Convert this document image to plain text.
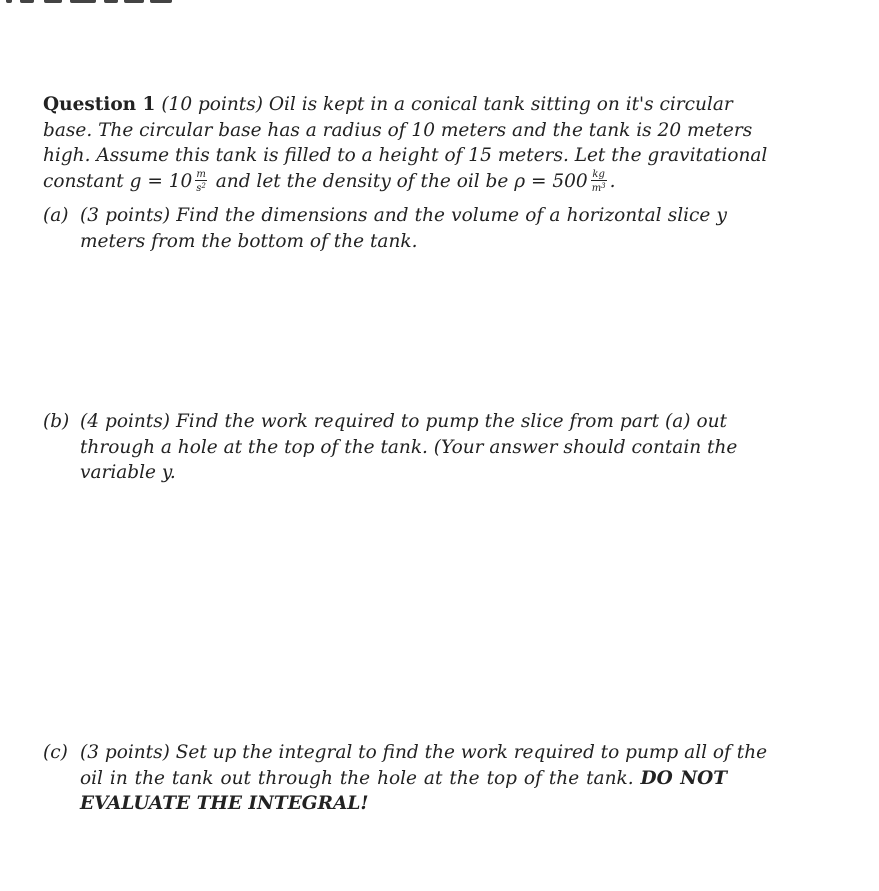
Question 1 (10 points) Oil is kept in a conical tank sitting on it's circular
base. The circular base has a radius of 10 meters and the tank is 20 meters
high. Assume this tank is filled to a height of 15 meters. Let the gravitational
constant $g = 10 \frac{m}{s^2}$ and let the density of the oil be $\rho = 500 \frac{kg}{m^3}$ .
(a) (3 points) Find the dimensions and the volume of a horizontal slice y
meters from the bottom of the tank.
(b) (4 points) Find the work required to pump the slice from part (a) out
through a hole at the top of the tank. (Your answer should contain the
variable y.
(c) (3 points) Set up the integral to find the work required to pump all of the
oil in the tank out through the hole at the top of the tank. DO NOT
EVALUATE THE INTEGRAL!
